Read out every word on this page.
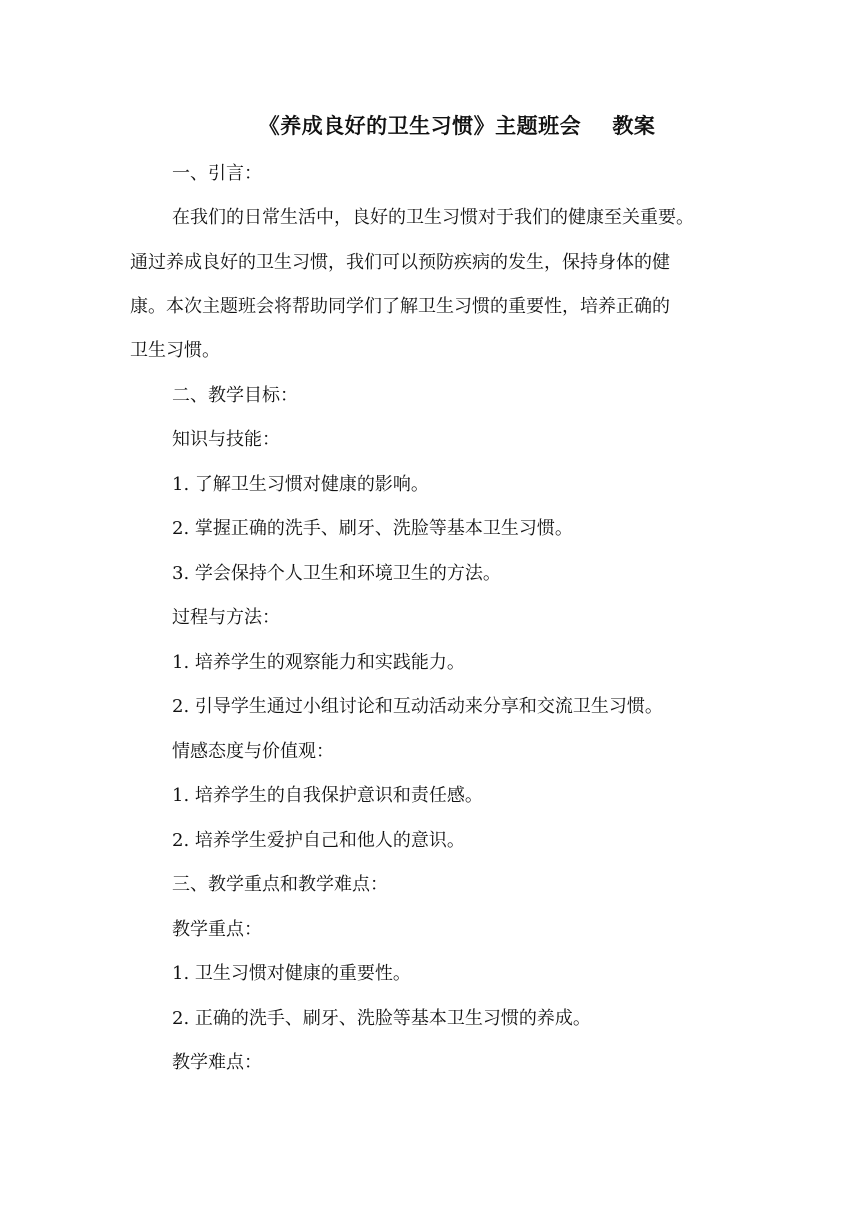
《养成良好的卫生习惯》主题班会    教案
一、引言：
在我们的日常生活中，良好的卫生习惯对于我们的健康至关重要。
通过养成良好的卫生习惯，我们可以预防疾病的发生，保持身体的健
康。本次主题班会将帮助同学们了解卫生习惯的重要性，培养正确的
卫生习惯。
二、教学目标：
知识与技能：
1. 了解卫生习惯对健康的影响。
2. 掌握正确的洗手、刷牙、洗脸等基本卫生习惯。
3. 学会保持个人卫生和环境卫生的方法。
过程与方法：
1. 培养学生的观察能力和实践能力。
2. 引导学生通过小组讨论和互动活动来分享和交流卫生习惯。
情感态度与价值观：
1. 培养学生的自我保护意识和责任感。
2. 培养学生爱护自己和他人的意识。
三、教学重点和教学难点：
教学重点：
1. 卫生习惯对健康的重要性。
2. 正确的洗手、刷牙、洗脸等基本卫生习惯的养成。
教学难点：
